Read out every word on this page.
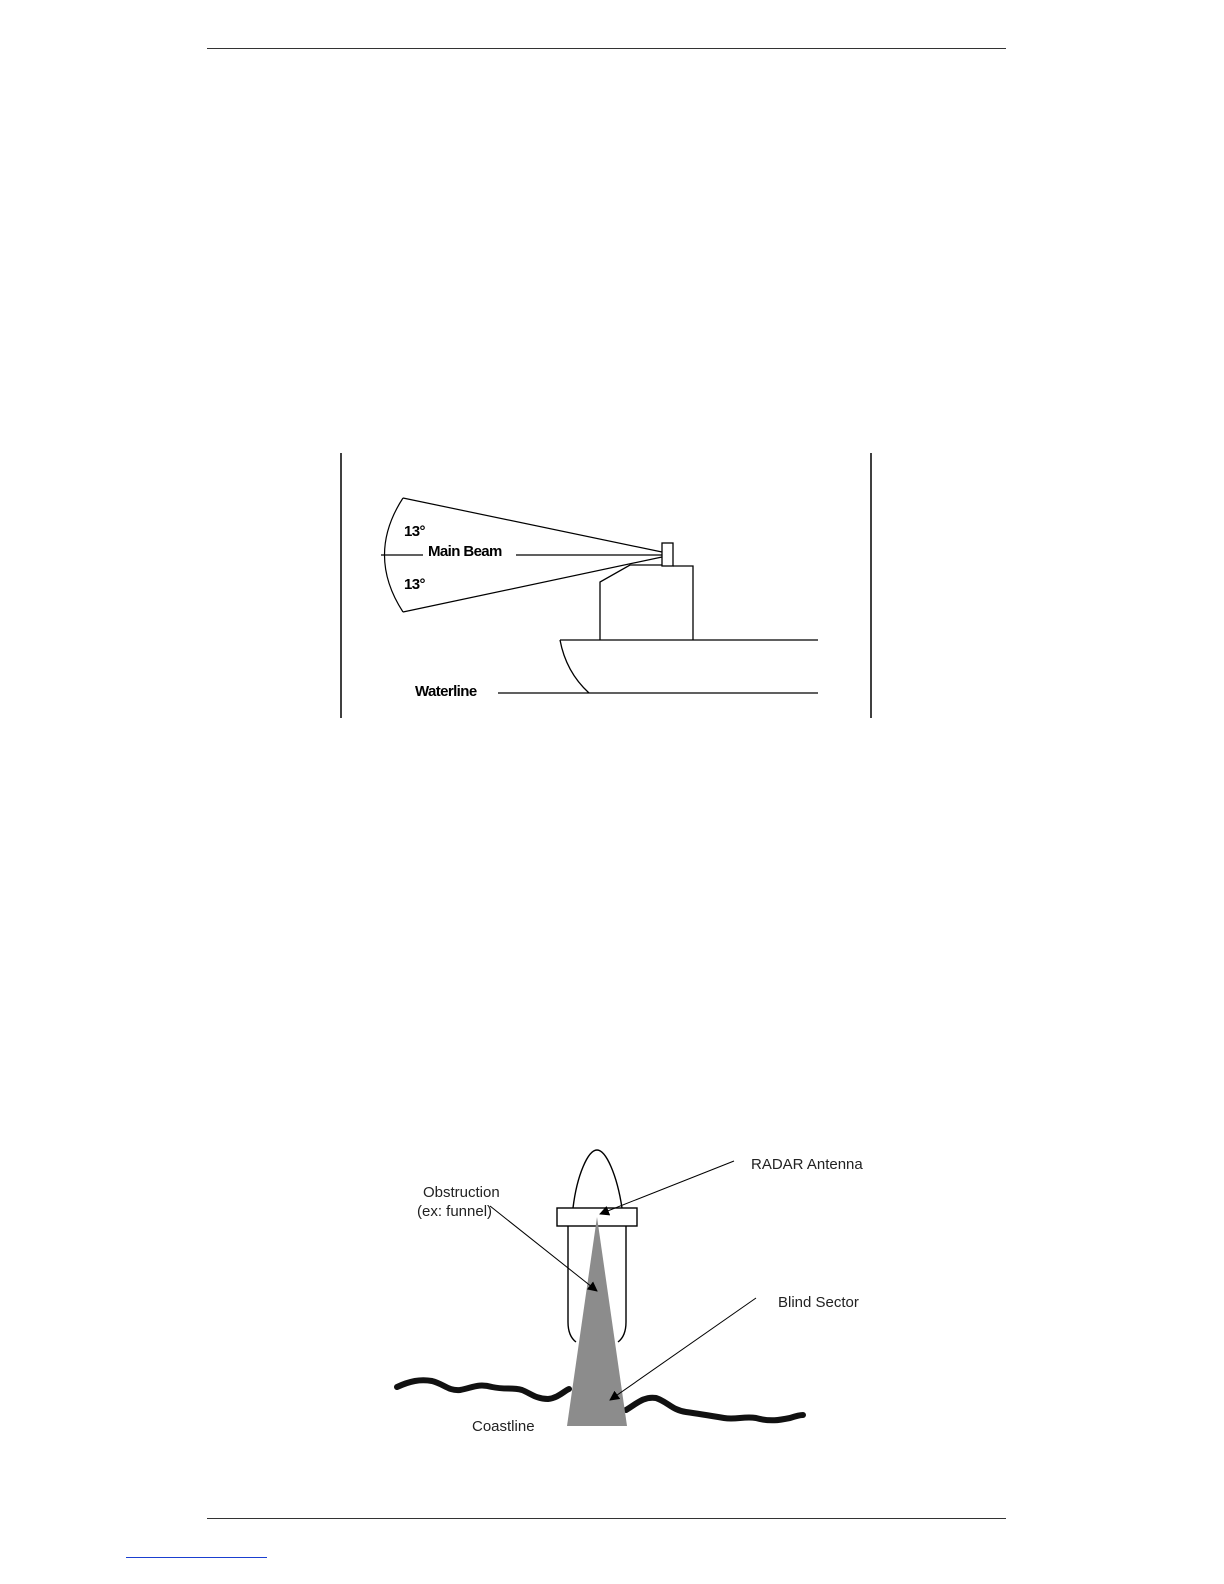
13°
Main Beam
13°
Waterline
RADAR Antenna
Obstruction
(ex: funnel)
Blind Sector
Coastline
